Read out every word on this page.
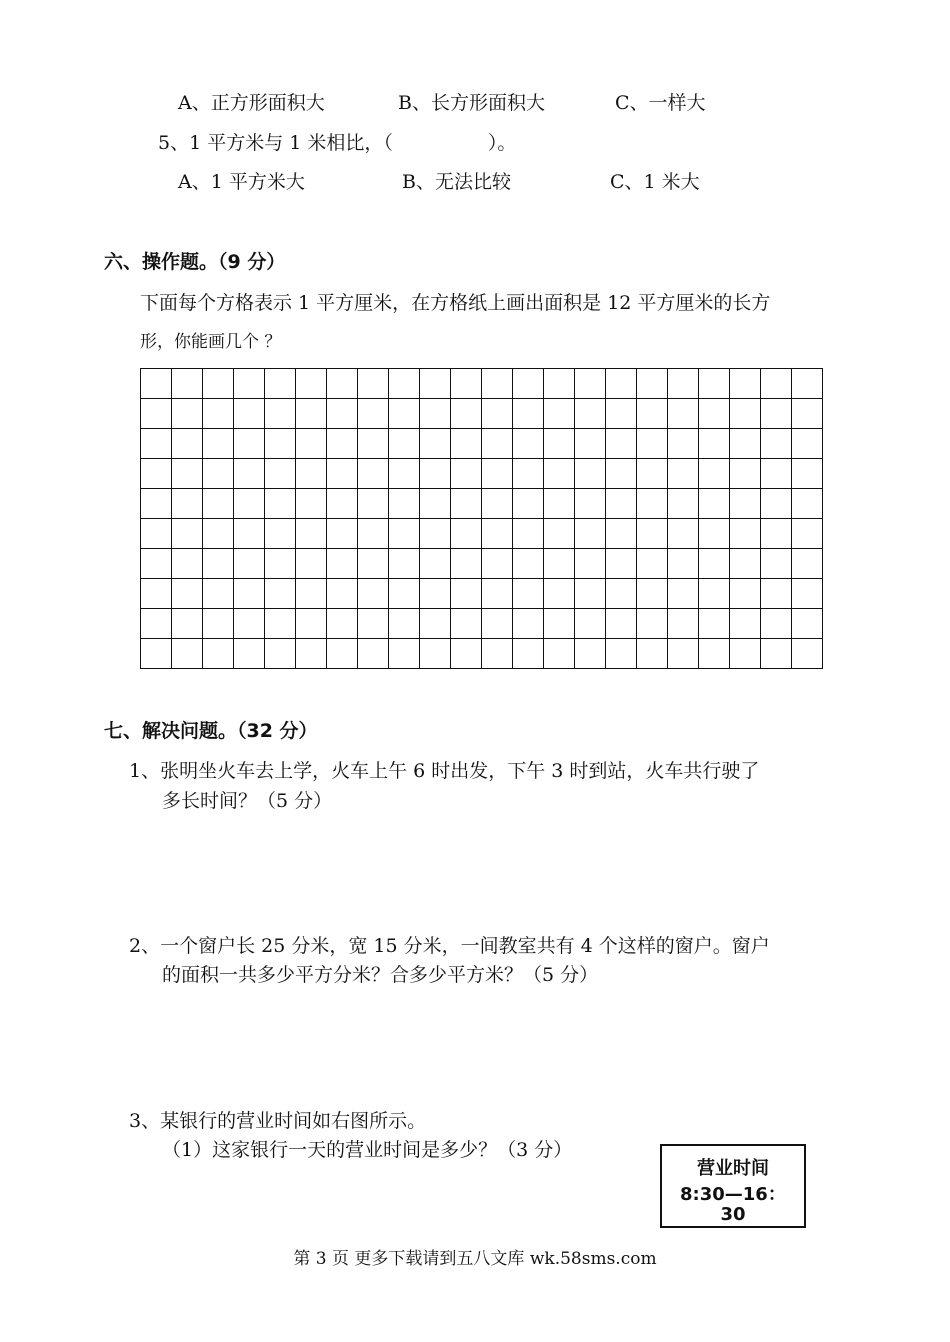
A、正方形面积大	B、长方形面积大	C、一样大
5、1 平方米与 1 米相比，（　　　　　）。
A、1 平方米大	B、无法比较	C、1 米大
六、操作题。（9 分）
下面每个方格表示 1 平方厘米，在方格纸上画出面积是 12 平方厘米的长方
形，你能画几个 ？

七、解决问题。（32 分）
1、张明坐火车去上学，火车上午 6 时出发，下午 3 时到站，火车共行驶了
多长时间？（5 分）
2、一个窗户长 25 分米，宽 15 分米，一间教室共有 4 个这样的窗户。窗户
的面积一共多少平方分米？合多少平方米？（5 分）
3、某银行的营业时间如右图所示。
（1）这家银行一天的营业时间是多少？（3 分）
营业时间
8:30—16：
30
第 3 页 更多下载请到五八文库 wk.58sms.com
